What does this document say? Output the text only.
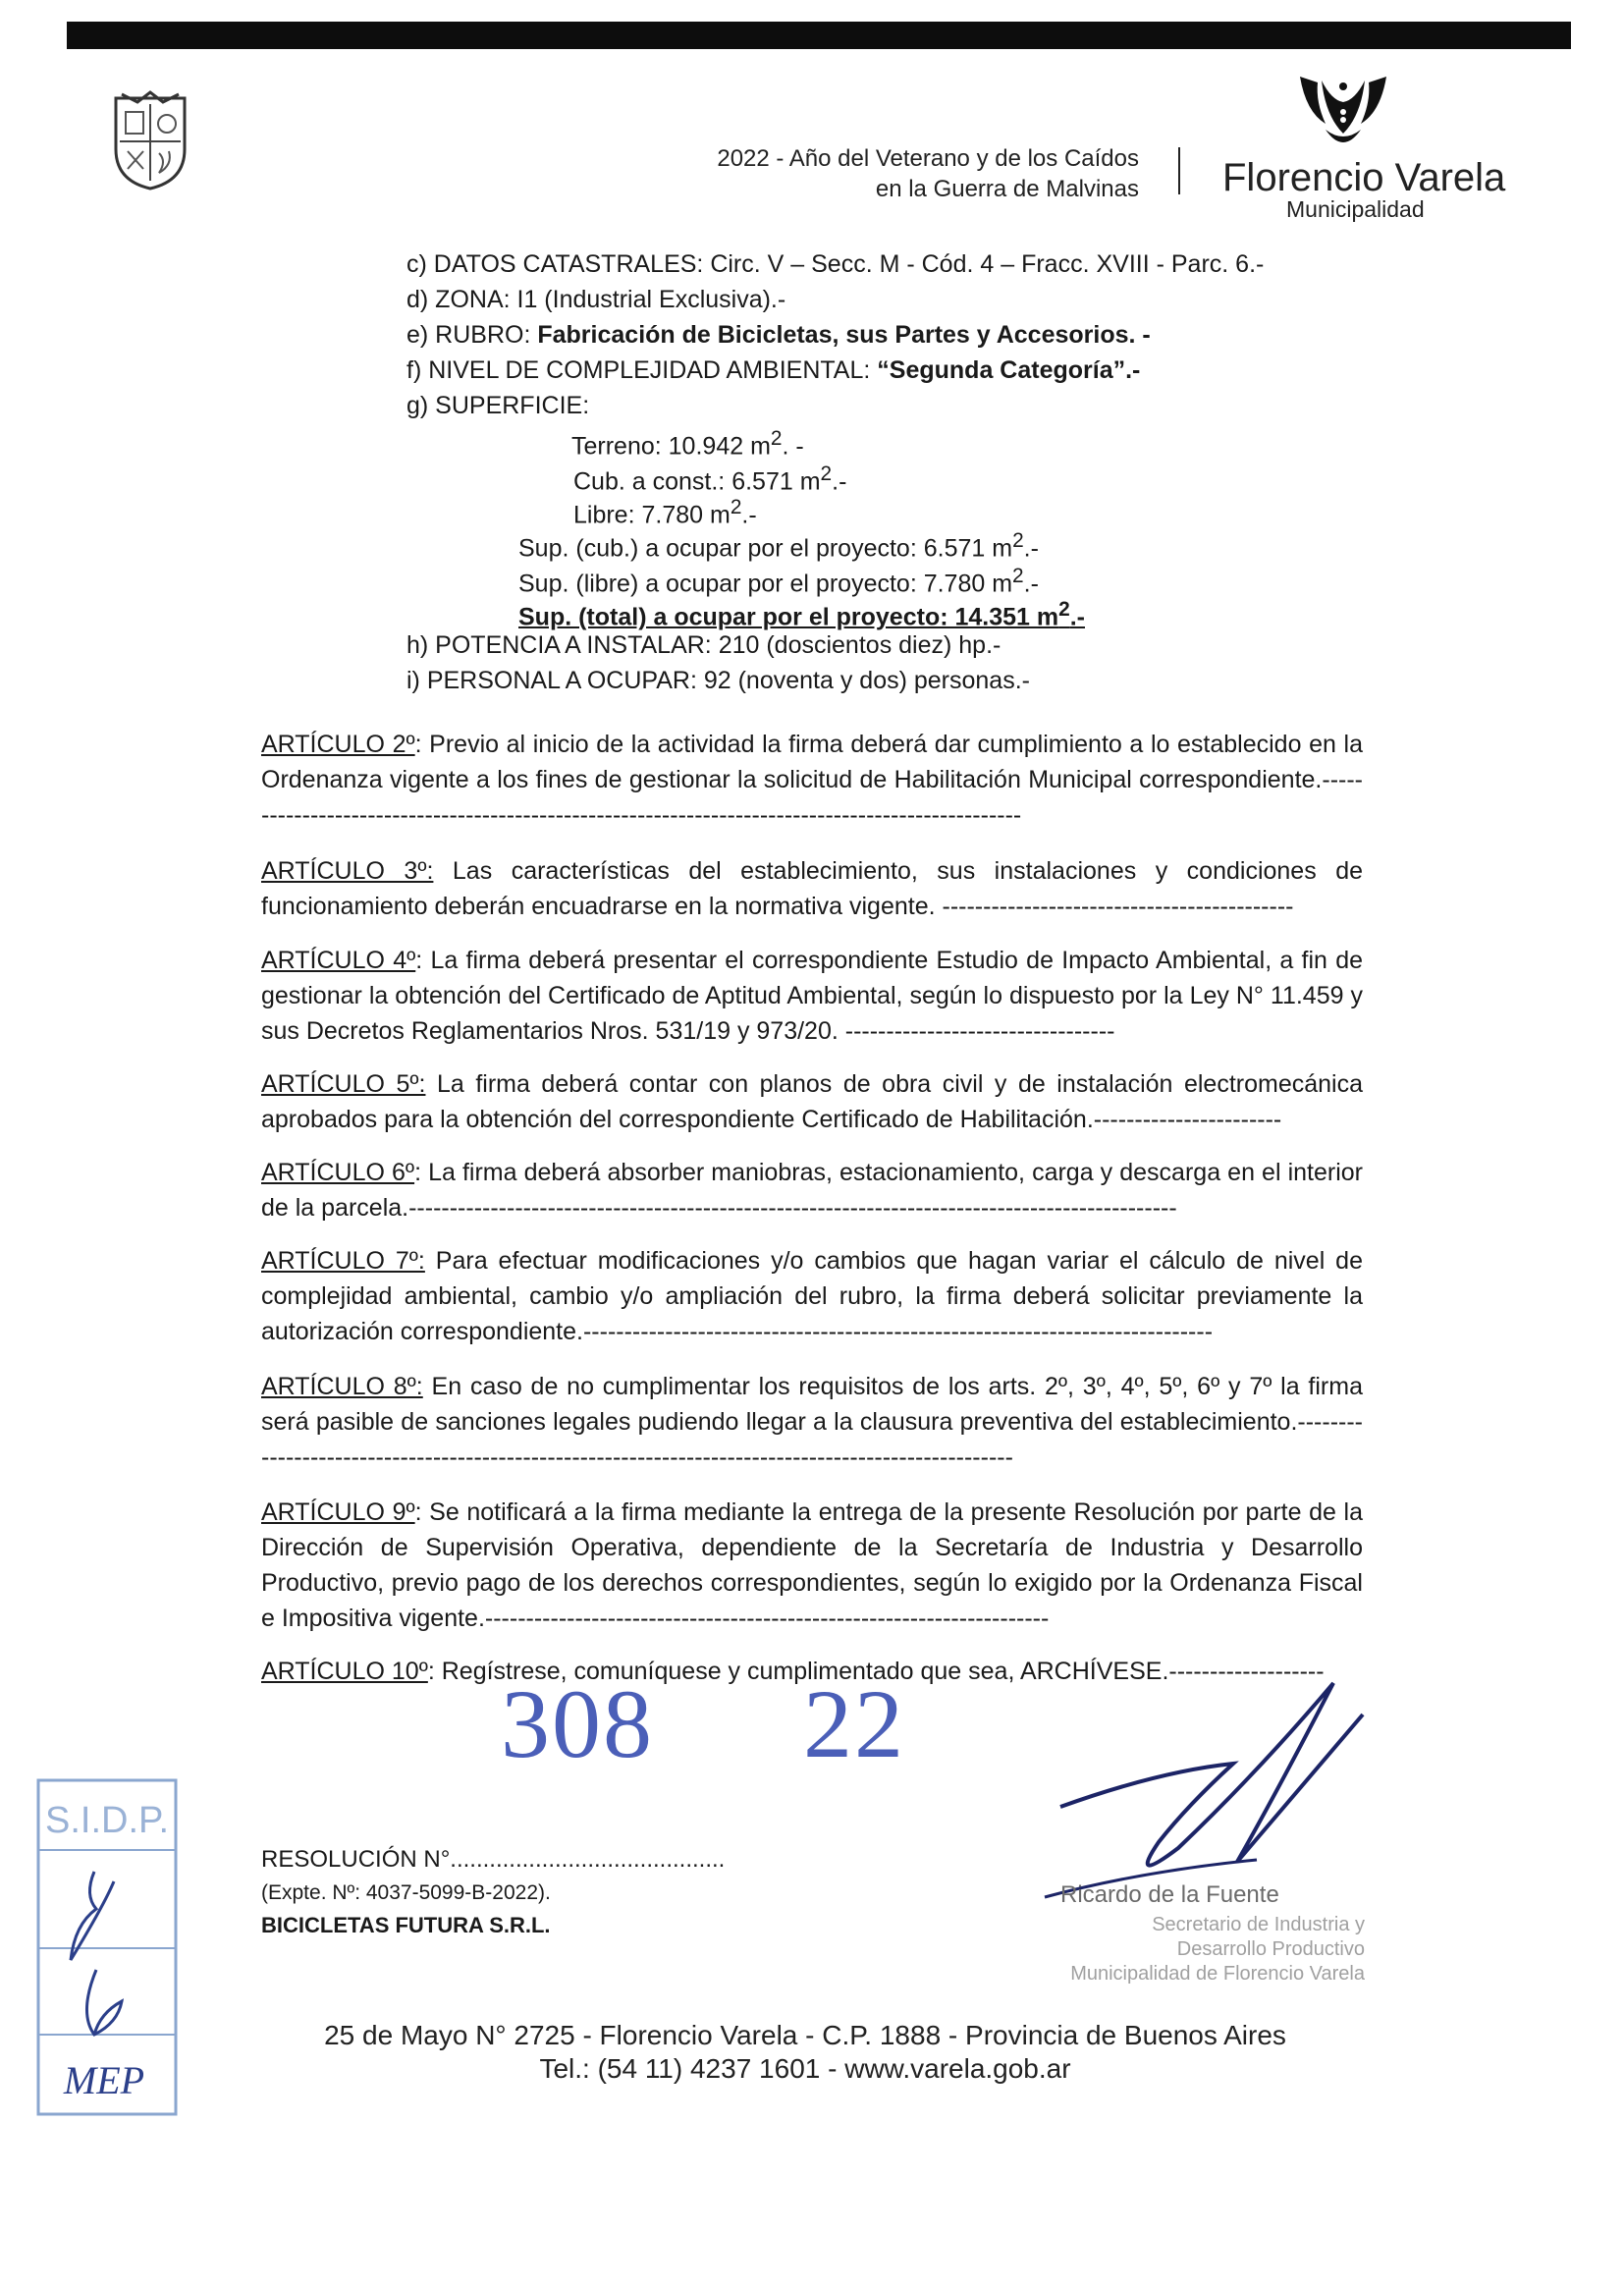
2022 - Año del Veterano y de los Caídos
en la Guerra de Malvinas Florencio Varela
Municipalidad
c) DATOS CATASTRALES: Circ. V – Secc. M - Cód. 4 – Fracc. XVIII - Parc. 6.-
d) ZONA: I1 (Industrial Exclusiva).-
e) RUBRO: Fabricación de Bicicletas, sus Partes y Accesorios. -
f) NIVEL DE COMPLEJIDAD AMBIENTAL: “Segunda Categoría”.-
g) SUPERFICIE:
Terreno: 10.942 $m^2$. -
Cub. a const.: 6.571 $m^2.-$
Libre: 7.780 $m^2.-$
Sup. (cub.) a ocupar por el proyecto: 6.571 $m^2.-$
Sup. (libre) a ocupar por el proyecto: 7.780 $m^2.-$
Sup. (total) a ocupar por el proyecto: 14.351 $m^2.-$
h) POTENCIA A INSTALAR: 210 (doscientos diez) hp.-
i) PERSONAL A OCUPAR: 92 (noventa y dos) personas.-
ARTÍCULO 2º: Previo al inicio de la actividad la firma deberá dar cumplimiento a lo establecido en la Ordenanza vigente a los fines de gestionar la solicitud de Habilitación Municipal correspondiente.--------------------------------------------------------------------------------------------------
ARTÍCULO 3º: Las características del establecimiento, sus instalaciones y condiciones de funcionamiento deberán encuadrarse en la normativa vigente. -------------------------------------------
ARTÍCULO 4º: La firma deberá presentar el correspondiente Estudio de Impacto Ambiental, a fin de gestionar la obtención del Certificado de Aptitud Ambiental, según lo dispuesto por la Ley N° 11.459 y sus Decretos Reglamentarios Nros. 531/19 y 973/20. ---------------------------------
ARTÍCULO 5º: La firma deberá contar con planos de obra civil y de instalación electromecánica aprobados para la obtención del correspondiente Certificado de Habilitación.-----------------------
ARTÍCULO 6º: La firma deberá absorber maniobras, estacionamiento, carga y descarga en el interior de la parcela.----------------------------------------------------------------------------------------------
ARTÍCULO 7º: Para efectuar modificaciones y/o cambios que hagan variar el cálculo de nivel de complejidad ambiental, cambio y/o ampliación del rubro, la firma deberá solicitar previamente la autorización correspondiente.-----------------------------------------------------------------------------
ARTÍCULO 8º: En caso de no cumplimentar los requisitos de los arts. 2º, 3º, 4º, 5º, 6º y 7º la firma será pasible de sanciones legales pudiendo llegar a la clausura preventiva del establecimiento.----------------------------------------------------------------------------------------------------
ARTÍCULO 9º: Se notificará a la firma mediante la entrega de la presente Resolución por parte de la Dirección de Supervisión Operativa, dependiente de la Secretaría de Industria y Desarrollo Productivo, previo pago de los derechos correspondientes, según lo exigido por la Ordenanza Fiscal e Impositiva vigente.---------------------------------------------------------------------
ARTÍCULO 10º: Regístrese, comuníquese y cumplimentado que sea, ARCHÍVESE.-------------------
308 22
S.I.D.P.
MEP
RESOLUCIÓN N°..........................................
(Expte. Nº: 4037-5099-B-2022).
BICICLETAS FUTURA S.R.L.
Ricardo de la Fuente
Secretario de Industria y
Desarrollo Productivo
Municipalidad de Florencio Varela
25 de Mayo N° 2725 - Florencio Varela - C.P. 1888 - Provincia de Buenos Aires
Tel.: (54 11) 4237 1601 - www.varela.gob.ar
